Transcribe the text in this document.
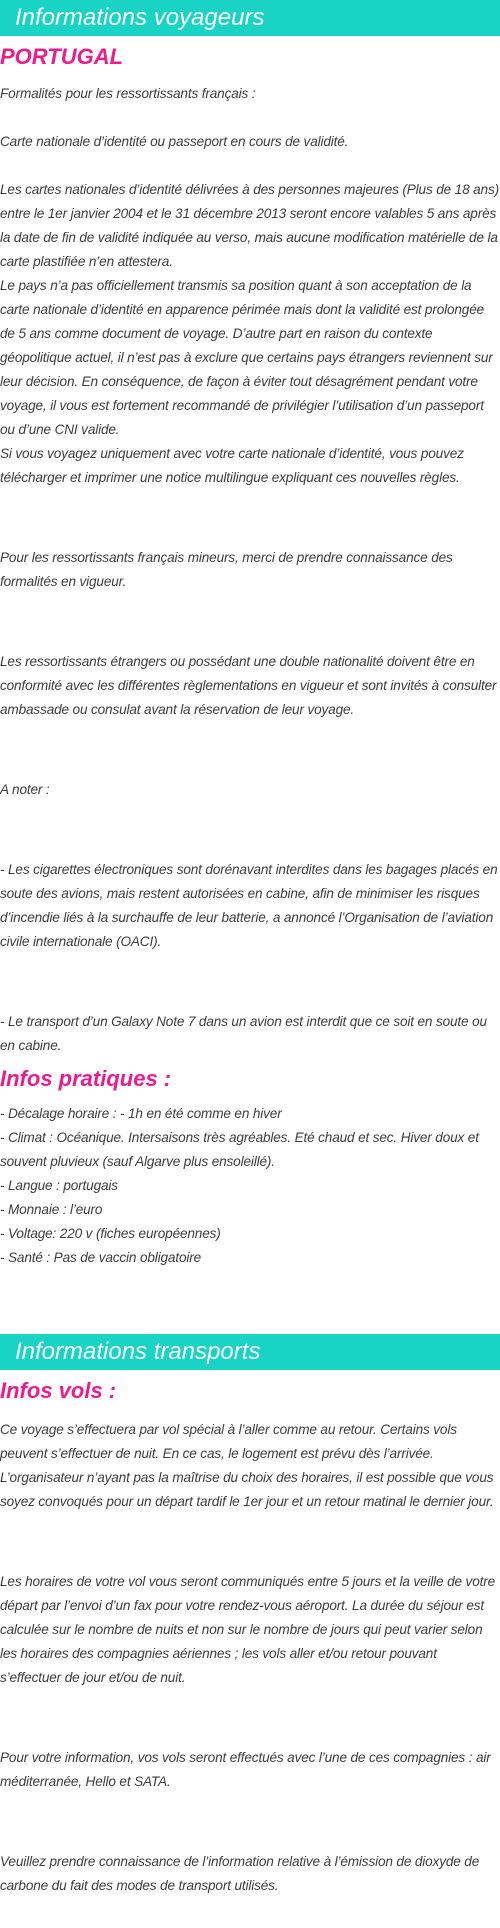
Informations voyageurs
PORTUGAL

Formalités pour les ressortissants français :

Carte nationale d’identité ou passeport en cours de validité.

Les cartes nationales d’identité délivrées à des personnes majeures (Plus de 18 ans) entre le 1er janvier 2004 et le 31 décembre 2013 seront encore valables 5 ans après la date de fin de validité indiquée au verso, mais aucune modification matérielle de la carte plastifiée n’en attestera.

Le pays n’a pas officiellement transmis sa position quant à son acceptation de la carte nationale d’identité en apparence périmée mais dont la validité est prolongée de 5 ans comme document de voyage. D’autre part en raison du contexte géopolitique actuel, il n’est pas à exclure que certains pays étrangers reviennent sur leur décision. En conséquence, de façon à éviter tout désagrément pendant votre voyage, il vous est fortement recommandé de privilégier l’utilisation d’un passeport ou d’une CNI valide.

Si vous voyagez uniquement avec votre carte nationale d’identité, vous pouvez télécharger et imprimer une notice multilingue expliquant ces nouvelles règles.

Pour les ressortissants français mineurs, merci de prendre connaissance des formalités en vigueur.

Les ressortissants étrangers ou possédant une double nationalité doivent être en conformité avec les différentes règlementations en vigueur et sont invités à consulter ambassade ou consulat avant la réservation de leur voyage.

A noter :

- Les cigarettes électroniques sont dorénavant interdites dans les bagages placés en soute des avions, mais restent autorisées en cabine, afin de minimiser les risques d’incendie liés à la surchauffe de leur batterie, a annoncé l’Organisation de l’aviation civile internationale (OACI).

- Le transport d’un Galaxy Note 7 dans un avion est interdit que ce soit en soute ou en cabine.

Infos pratiques :

- Décalage horaire : - 1h en été comme en hiver

- Climat : Océanique. Intersaisons très agréables. Eté chaud et sec. Hiver doux et souvent pluvieux (sauf Algarve plus ensoleillé).

- Langue : portugais

- Monnaie : l’euro

- Voltage: 220 v (fiches européennes)

- Santé : Pas de vaccin obligatoire

Informations transports
Infos vols :

Ce voyage s’effectuera par vol spécial à l’aller comme au retour. Certains vols peuvent s’effectuer de nuit. En ce cas, le logement est prévu dès l’arrivée. L’organisateur n’ayant pas la maîtrise du choix des horaires, il est possible que vous soyez convoqués pour un départ tardif le 1er jour et un retour matinal le dernier jour.

Les horaires de votre vol vous seront communiqués entre 5 jours et la veille de votre départ par l’envoi d’un fax pour votre rendez-vous aéroport. La durée du séjour est calculée sur le nombre de nuits et non sur le nombre de jours qui peut varier selon les horaires des compagnies aériennes ; les vols aller et/ou retour pouvant s’effectuer de jour et/ou de nuit.

Pour votre information, vos vols seront effectués avec l’une de ces compagnies : air méditerranée, Hello et SATA.

Veuillez prendre connaissance de l’information relative à l’émission de dioxyde de carbone du fait des modes de transport utilisés.
